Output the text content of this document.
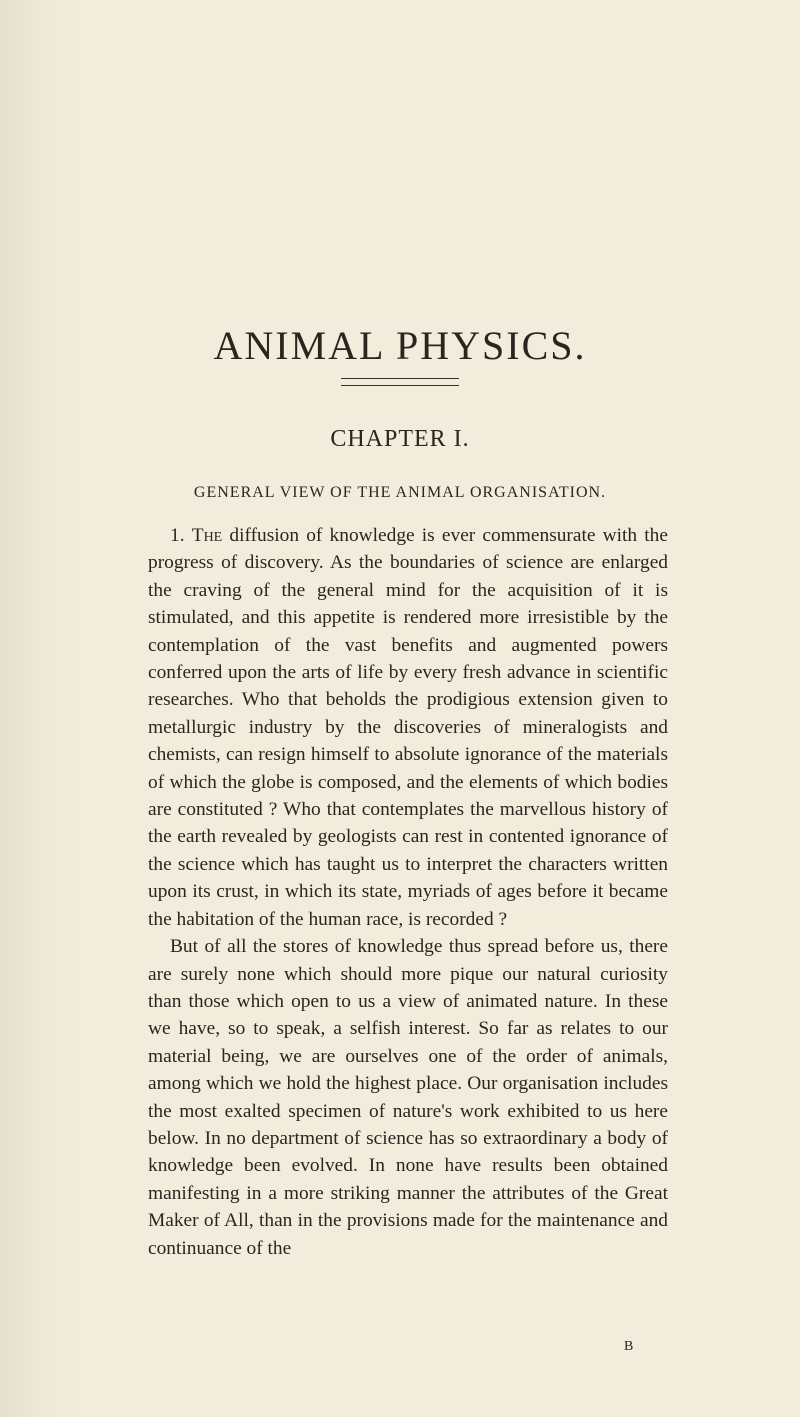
ANIMAL PHYSICS.
CHAPTER I.

GENERAL VIEW OF THE ANIMAL ORGANISATION.

1. The diffusion of knowledge is ever commensurate with the progress of discovery. As the boundaries of science are enlarged the craving of the general mind for the acquisition of it is stimulated, and this appetite is rendered more irresistible by the contemplation of the vast benefits and augmented powers conferred upon the arts of life by every fresh advance in scientific researches. Who that beholds the prodigious extension given to metallurgic industry by the discoveries of mineralogists and chemists, can resign himself to absolute ignorance of the materials of which the globe is composed, and the elements of which bodies are constituted ? Who that contemplates the marvellous history of the earth revealed by geologists can rest in contented ignorance of the science which has taught us to interpret the characters written upon its crust, in which its state, myriads of ages before it became the habitation of the human race, is recorded ?

But of all the stores of knowledge thus spread before us, there are surely none which should more pique our natural curiosity than those which open to us a view of animated nature. In these we have, so to speak, a selfish interest. So far as relates to our material being, we are ourselves one of the order of animals, among which we hold the highest place. Our organisation includes the most exalted specimen of nature's work exhibited to us here below. In no department of science has so extraordinary a body of knowledge been evolved. In none have results been obtained manifesting in a more striking manner the attributes of the Great Maker of All, than in the provisions made for the maintenance and continuance of the

B
